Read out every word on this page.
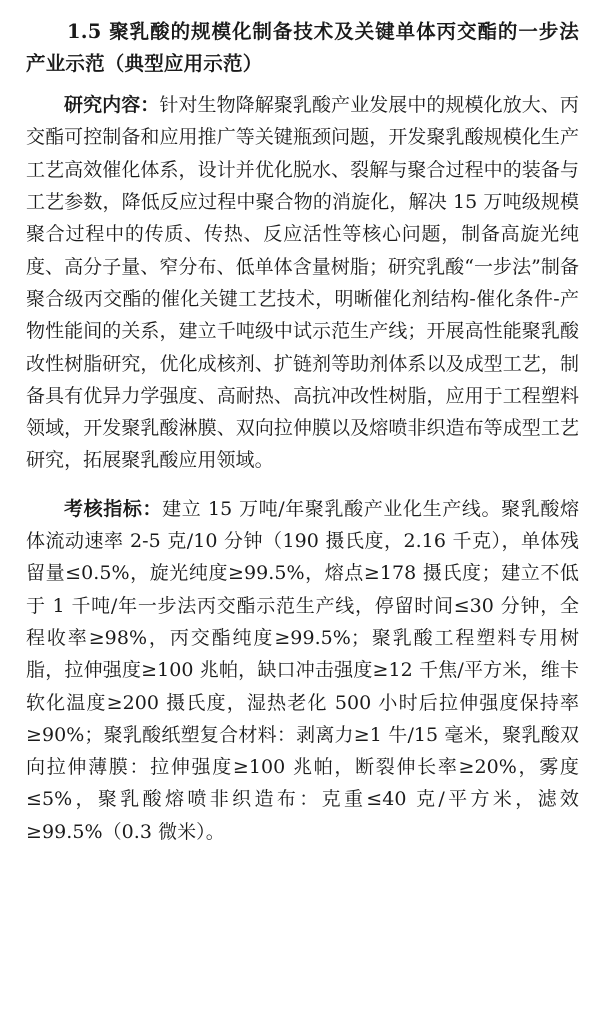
1.5 聚乳酸的规模化制备技术及关键单体丙交酯的一步法产业示范（典型应用示范）

研究内容：针对生物降解聚乳酸产业发展中的规模化放大、丙交酯可控制备和应用推广等关键瓶颈问题，开发聚乳酸规模化生产工艺高效催化体系，设计并优化脱水、裂解与聚合过程中的装备与工艺参数，降低反应过程中聚合物的消旋化，解决 15 万吨级规模聚合过程中的传质、传热、反应活性等核心问题，制备高旋光纯度、高分子量、窄分布、低单体含量树脂；研究乳酸“一步法”制备聚合级丙交酯的催化关键工艺技术，明晰催化剂结构-催化条件-产物性能间的关系，建立千吨级中试示范生产线；开展高性能聚乳酸改性树脂研究，优化成核剂、扩链剂等助剂体系以及成型工艺，制备具有优异力学强度、高耐热、高抗冲改性树脂，应用于工程塑料领域，开发聚乳酸淋膜、双向拉伸膜以及熔喷非织造布等成型工艺研究，拓展聚乳酸应用领域。

考核指标：建立 15 万吨/年聚乳酸产业化生产线。聚乳酸熔体流动速率 2-5 克/10 分钟（190 摄氏度，2.16 千克），单体残留量≤0.5%，旋光纯度≥99.5%，熔点≥178 摄氏度；建立不低于 1 千吨/年一步法丙交酯示范生产线，停留时间≤30 分钟，全程收率≥98%，丙交酯纯度≥99.5%；聚乳酸工程塑料专用树脂，拉伸强度≥100 兆帕，缺口冲击强度≥12 千焦/平方米，维卡软化温度≥200 摄氏度，湿热老化 500 小时后拉伸强度保持率≥90%；聚乳酸纸塑复合材料：剥离力≥1 牛/15 毫米，聚乳酸双向拉伸薄膜：拉伸强度≥100 兆帕，断裂伸长率≥20%，雾度≤5%，聚乳酸熔喷非织造布：克重≤40 克/平方米，滤效≥99.5%（0.3 微米）。
